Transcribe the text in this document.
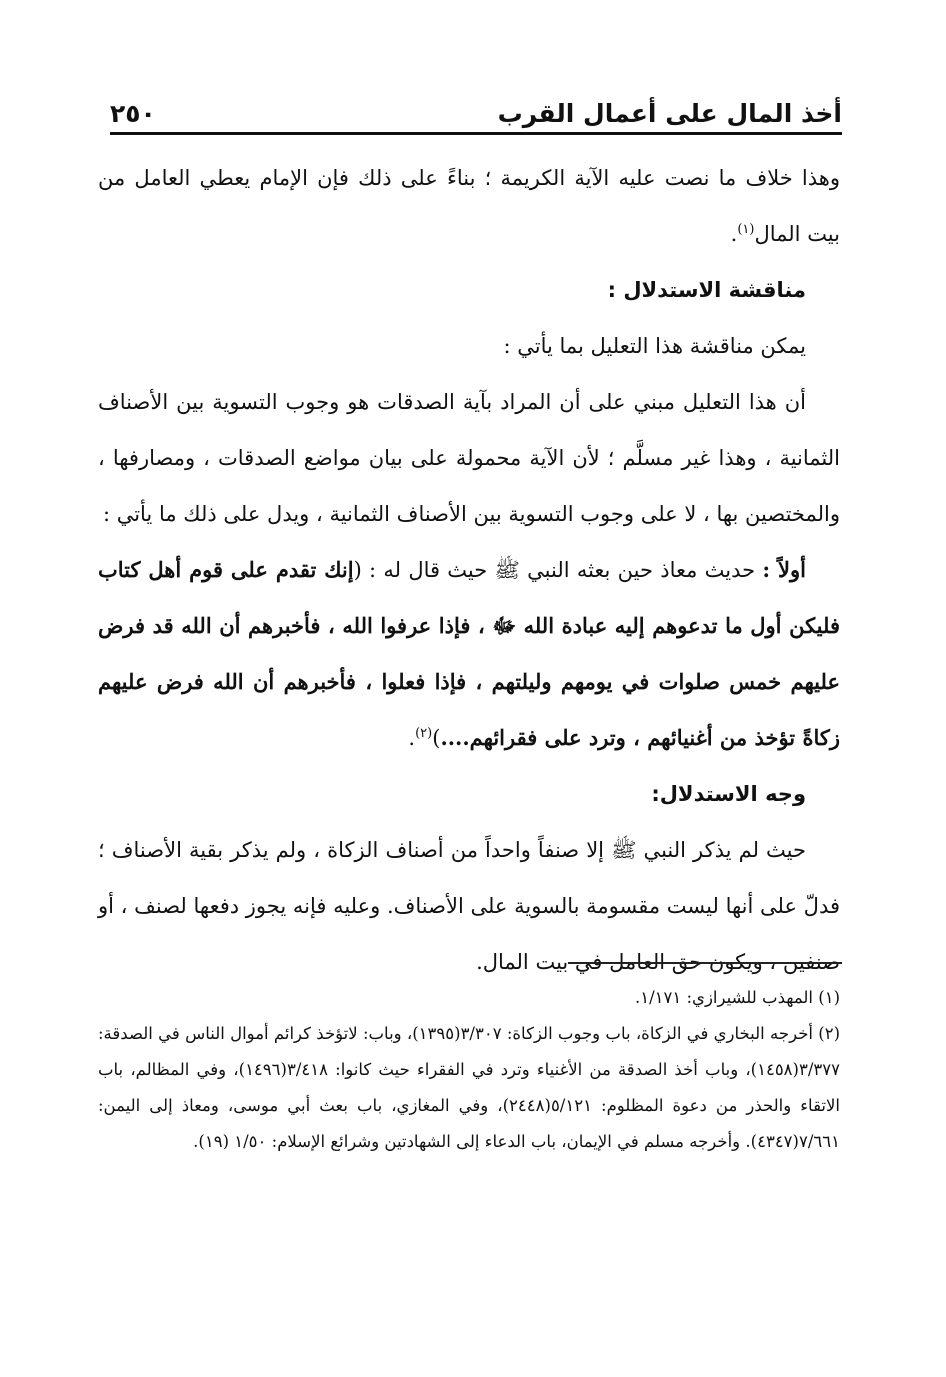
أخذ المال على أعمال القرب
٢٥٠

وهذا خلاف ما نصت عليه الآية الكريمة ؛ بناءً على ذلك فإن الإمام يعطي العامل من بيت المال$^{(١)}$.

مناقشة الاستدلال :

يمكن مناقشة هذا التعليل بما يأتي :

أن هذا التعليل مبني على أن المراد بآية الصدقات هو وجوب التسوية بين الأصناف الثمانية ، وهذا غير مسلَّم ؛ لأن الآية محمولة على بيان مواضع الصدقات ، ومصارفها ، والمختصين بها ، لا على وجوب التسوية بين الأصناف الثمانية ، ويدل على ذلك ما يأتي :

أولاً : حديث معاذ حين بعثه النبي ﷺ حيث قال له : (إنك تقدم على قوم أهل كتاب فليكن أول ما تدعوهم إليه عبادة الله ﷻ ، فإذا عرفوا الله ، فأخبرهم أن الله قد فرض عليهم خمس صلوات في يومهم وليلتهم ، فإذا فعلوا ، فأخبرهم أن الله فرض عليهم زكاةً تؤخذ من أغنيائهم ، وترد على فقرائهم....)$^{(٢)}$.

وجه الاستدلال:

حيث لم يذكر النبي ﷺ إلا صنفاً واحداً من أصناف الزكاة ، ولم يذكر بقية الأصناف ؛ فدلّ على أنها ليست مقسومة بالسوية على الأصناف. وعليه فإنه يجوز دفعها لصنف ، أو صنفين ، ويكون حق العامل في بيت المال.

(١) المهذب للشيرازي: ١/١٧١.

(٢) أخرجه البخاري في الزكاة، باب وجوب الزكاة: ٣/٣٠٧(١٣٩٥)، وباب: لاتؤخذ كرائم أموال الناس في الصدقة: ٣/٣٧٧(١٤٥٨)، وباب أخذ الصدقة من الأغنياء وترد في الفقراء حيث كانوا: ٣/٤١٨(١٤٩٦)، وفي المظالم، باب الاتقاء والحذر من دعوة المظلوم: ٥/١٢١(٢٤٤٨)، وفي المغازي، باب بعث أبي موسى، ومعاذ إلى اليمن: ٧/٦٦١(٤٣٤٧). وأخرجه مسلم في الإيمان، باب الدعاء إلى الشهادتين وشرائع الإسلام: ١/٥٠ (١٩).
